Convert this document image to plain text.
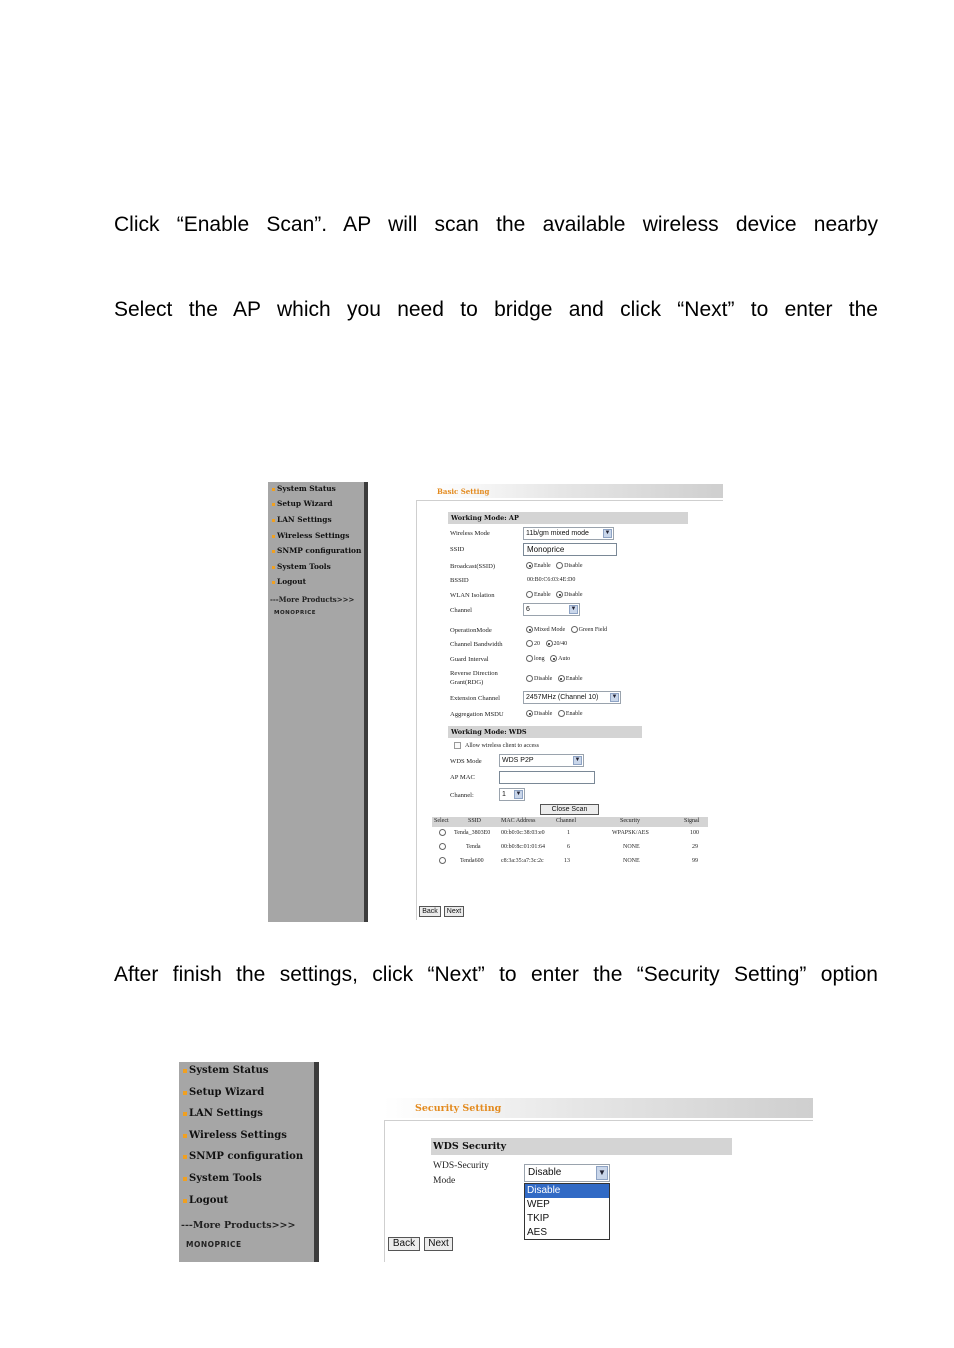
Click “Enable Scan”. AP will scan the available wireless device nearby

Select the AP which you need to bridge and click “Next” to enter the

After finish the settings, click “Next” to enter the “Security Setting” option

System Status
Setup Wizard
LAN Settings
Wireless Settings
SNMP configuration
System Tools
Logout
---More Products>>>
MONOPRICE
Basic Setting
Working Mode: AP
Wireless Mode	11b/gm mixed mode	▼
SSID	Monoprice
Broadcast(SSID)	Enable Disable
BSSID	00:B0:C6:03:4E:D0
WLAN Isolation	Enable Disable
Channel	6	▼
OperationMode	Mixed Mode Green Field
Channel Bandwidth	20 20/40
Guard Interval	long Auto
Reverse Direction
Grant(RDG)
Disable Enable
Extension Channel	2457MHz (Channel 10) ▼
Aggregation MSDU	Disable Enable
Working Mode: WDS
Allow wireless client to access
WDS Mode	WDS P2P	▼
AP MAC
Channel:	1 ▼
Close Scan
Select	SSID	MAC Address	Channel	Security	Signal
Tenda_3803E0 00:b0:0c:38:03:e0	1	WPAPSK/AES	100
Tenda	00:b0:8c:01:01:64	6	NONE	29
Tenda600	c8:3a:35:a7:3c:2c	13	NONE	99
Back	Next
System Status
Setup Wizard
LAN Settings
Wireless Settings
SNMP configuration
System Tools
Logout
---More Products>>>
MONOPRICE
Security Setting
WDS Security
WDS-Security
Mode
Disable	▼
Disable
WEP
TKIP
AES
Back	Next
